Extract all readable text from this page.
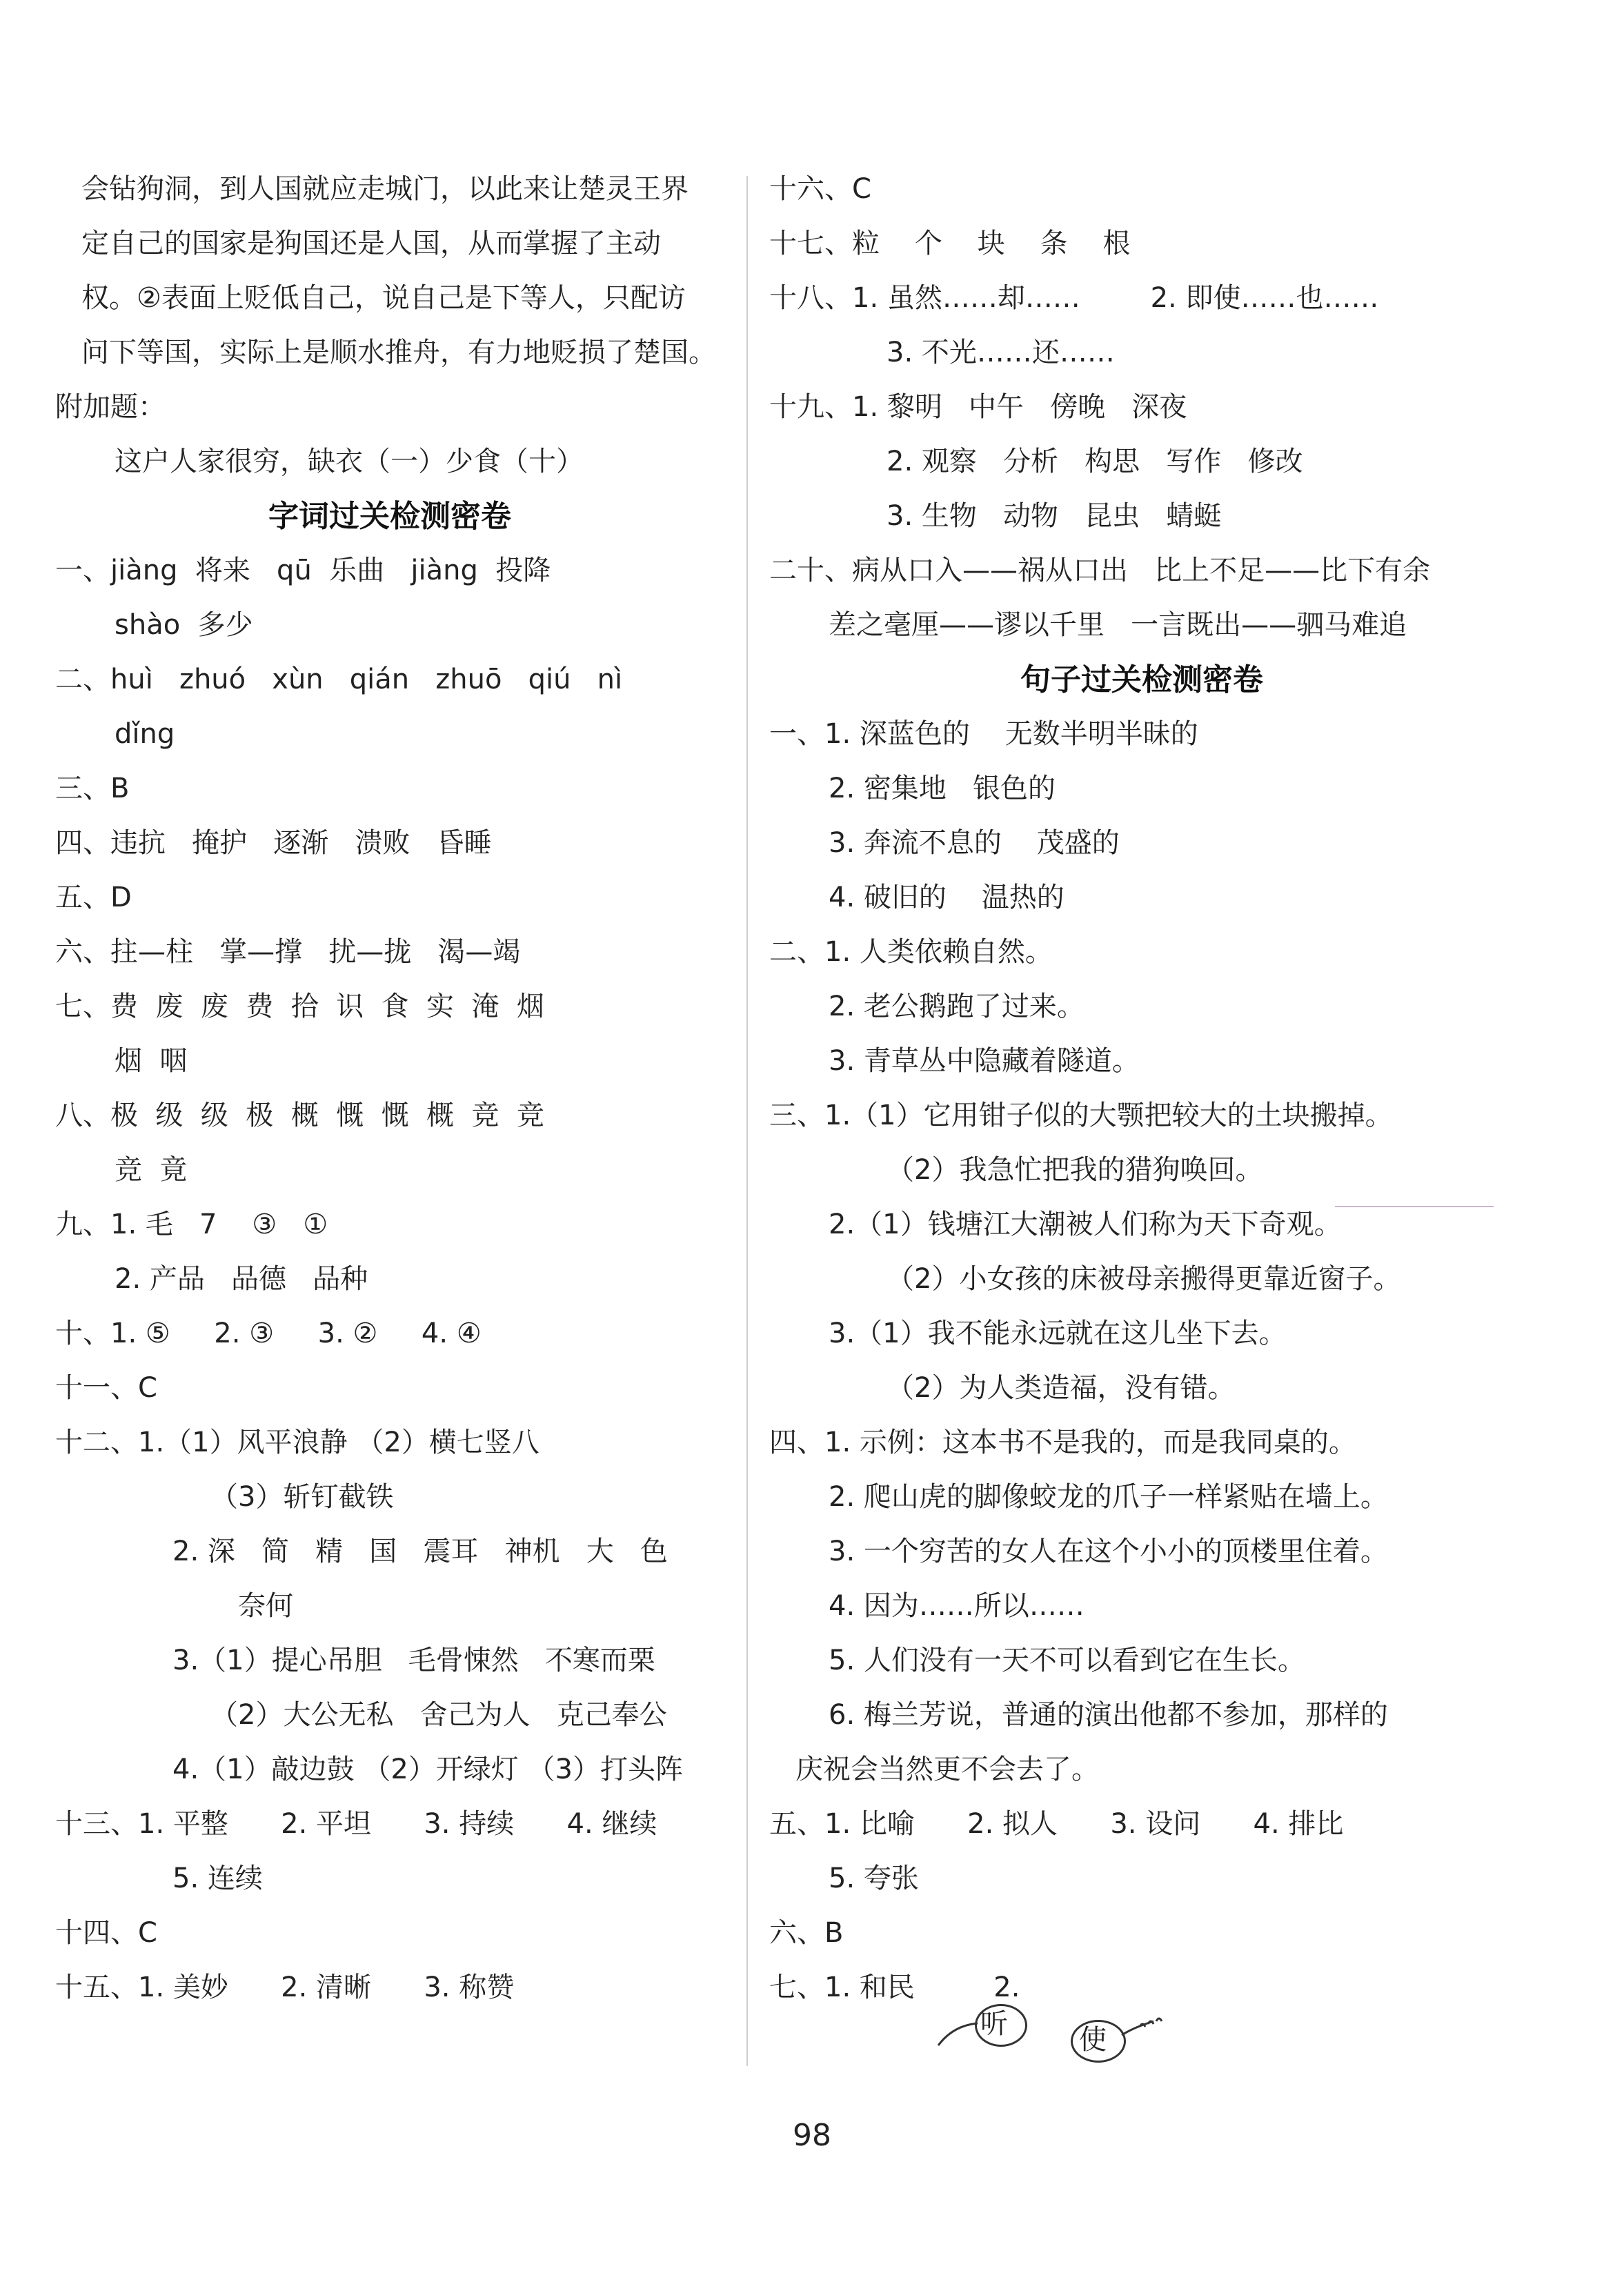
会钻狗洞，到人国就应走城门，以此来让楚灵王界
定自己的国家是狗国还是人国，从而掌握了主动
权。②表面上贬低自己，说自己是下等人，只配访
问下等国，实际上是顺水推舟，有力地贬损了楚国。
附加题：
这户人家很穷，缺衣（一）少食（十）
字词过关检测密卷
一、jiàng  将来   qū  乐曲   jiàng  投降
shào  多少
二、huì   zhuó   xùn   qián   zhuō   qiú   nì
dǐng
三、B
四、违抗   掩护   逐渐   溃败   昏睡
五、D
六、拄—柱   掌—撑   扰—拢   渴—竭
七、费  废  废  费  拾  识  食  实  淹  烟
烟  咽
八、极  级  级  极  概  慨  慨  概  竞  竞
竞  竟
九、1. 毛   7    ③   ①
2. 产品   品德   品种
十、1. ⑤     2. ③     3. ②     4. ④
十一、C
十二、1.（1）风平浪静 （2）横七竖八
（3）斩钉截铁
2. 深   简   精   国   震耳   神机   大   色
奈何
3.（1）提心吊胆   毛骨悚然   不寒而栗
（2）大公无私   舍己为人   克己奉公
4.（1）敲边鼓 （2）开绿灯 （3）打头阵
十三、1. 平整      2. 平坦      3. 持续      4. 继续
5. 连续
十四、C
十五、1. 美妙      2. 清晰      3. 称赞
十六、C
十七、粒    个    块    条    根
十八、1. 虽然……却……        2. 即使……也……
3. 不光……还……
十九、1. 黎明   中午   傍晚   深夜
2. 观察   分析   构思   写作   修改
3. 生物   动物   昆虫   蜻蜓
二十、病从口入——祸从口出   比上不足——比下有余
差之毫厘——谬以千里   一言既出——驷马难追
句子过关检测密卷
一、1. 深蓝色的    无数半明半昧的
2. 密集地   银色的
3. 奔流不息的    茂盛的
4. 破旧的    温热的
二、1. 人类依赖自然。
2. 老公鹅跑了过来。
3. 青草丛中隐藏着隧道。
三、1.（1）它用钳子似的大颚把较大的土块搬掉。
（2）我急忙把我的猎狗唤回。
2.（1）钱塘江大潮被人们称为天下奇观。
（2）小女孩的床被母亲搬得更靠近窗子。
3.（1）我不能永远就在这儿坐下去。
（2）为人类造福，没有错。
四、1. 示例：这本书不是我的，而是我同桌的。
2. 爬山虎的脚像蛟龙的爪子一样紧贴在墙上。
3. 一个穷苦的女人在这个小小的顶楼里住着。
4. 因为……所以……
5. 人们没有一天不可以看到它在生长。
6. 梅兰芳说，普通的演出他都不参加，那样的
庆祝会当然更不会去了。
五、1. 比喻      2. 拟人      3. 设问      4. 排比
5. 夸张
六、B
七、1. 和民         2.
听	使
98
